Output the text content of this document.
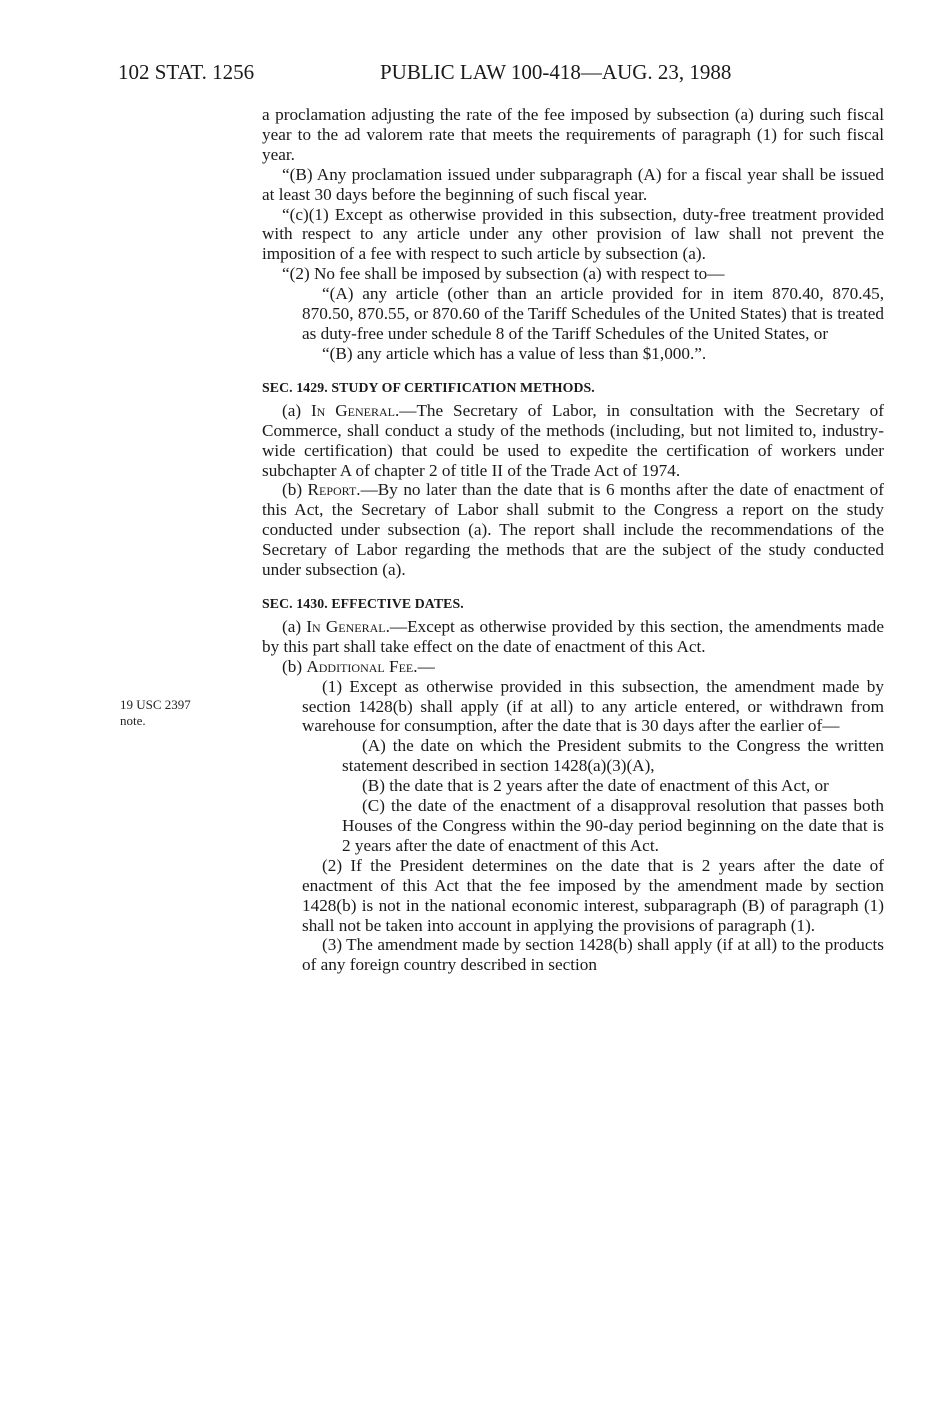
102 STAT. 1256	PUBLIC LAW 100-418—AUG. 23, 1988
19 USC 2397
note.

a proclamation adjusting the rate of the fee imposed by subsection (a) during such fiscal year to the ad valorem rate that meets the requirements of paragraph (1) for such fiscal year.

“(B) Any proclamation issued under subparagraph (A) for a fiscal year shall be issued at least 30 days before the beginning of such fiscal year.

“(c)(1) Except as otherwise provided in this subsection, duty-free treatment provided with respect to any article under any other provision of law shall not prevent the imposition of a fee with respect to such article by subsection (a).

“(2) No fee shall be imposed by subsection (a) with respect to—

“(A) any article (other than an article provided for in item 870.40, 870.45, 870.50, 870.55, or 870.60 of the Tariff Schedules of the United States) that is treated as duty-free under schedule 8 of the Tariff Schedules of the United States, or

“(B) any article which has a value of less than $1,000.”.

SEC. 1429. STUDY OF CERTIFICATION METHODS.

(a) In General.—The Secretary of Labor, in consultation with the Secretary of Commerce, shall conduct a study of the methods (including, but not limited to, industry-wide certification) that could be used to expedite the certification of workers under subchapter A of chapter 2 of title II of the Trade Act of 1974.

(b) Report.—By no later than the date that is 6 months after the date of enactment of this Act, the Secretary of Labor shall submit to the Congress a report on the study conducted under subsection (a). The report shall include the recommendations of the Secretary of Labor regarding the methods that are the subject of the study conducted under subsection (a).

SEC. 1430. EFFECTIVE DATES.

(a) In General.—Except as otherwise provided by this section, the amendments made by this part shall take effect on the date of enactment of this Act.

(b) Additional Fee.—

(1) Except as otherwise provided in this subsection, the amendment made by section 1428(b) shall apply (if at all) to any article entered, or withdrawn from warehouse for consumption, after the date that is 30 days after the earlier of—

(A) the date on which the President submits to the Congress the written statement described in section 1428(a)(3)(A),

(B) the date that is 2 years after the date of enactment of this Act, or

(C) the date of the enactment of a disapproval resolution that passes both Houses of the Congress within the 90-day period beginning on the date that is 2 years after the date of enactment of this Act.

(2) If the President determines on the date that is 2 years after the date of enactment of this Act that the fee imposed by the amendment made by section 1428(b) is not in the national economic interest, subparagraph (B) of paragraph (1) shall not be taken into account in applying the provisions of paragraph (1).

(3) The amendment made by section 1428(b) shall apply (if at all) to the products of any foreign country described in section
